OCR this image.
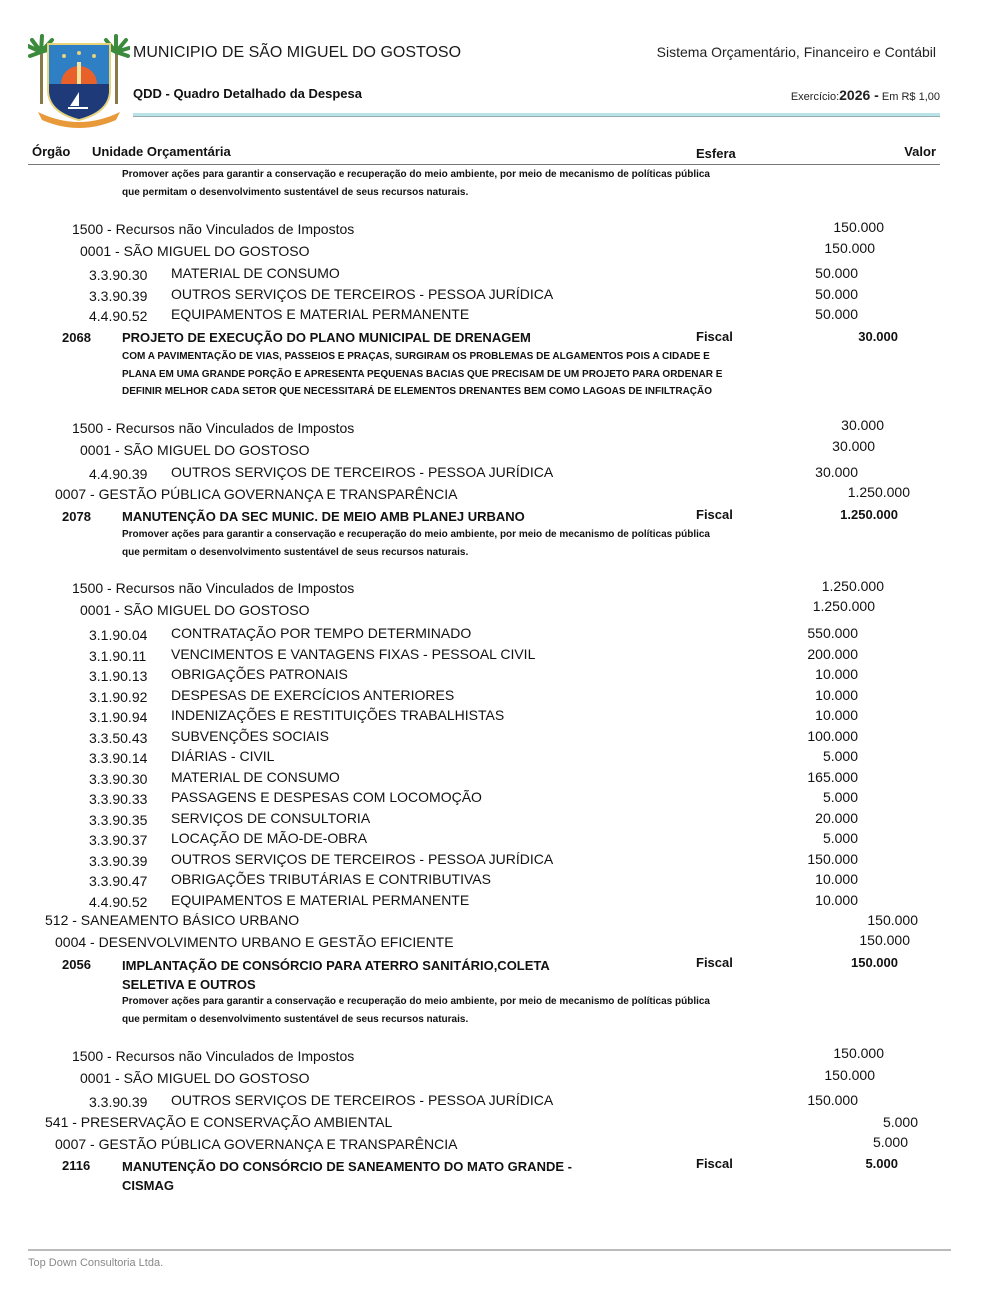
MUNICIPIO DE SÃO MIGUEL DO GOSTOSO
QDD - Quadro Detalhado da Despesa
Sistema Orçamentário, Financeiro e Contábil
Exercício:2026 - Em R$ 1,00
Órgão Unidade Orçamentária	Esfera	Valor
Promover ações para garantir a conservação e recuperação do meio ambiente, por meio de mecanismo de políticas pública que permitam o desenvolvimento sustentável de seus recursos naturais.
1500 - Recursos não Vinculados de Impostos	150.000
0001 - SÃO MIGUEL DO GOSTOSO	150.000
3.3.90.30 MATERIAL DE CONSUMO	50.000
3.3.90.39 OUTROS SERVIÇOS DE TERCEIROS - PESSOA JURÍDICA	50.000
4.4.90.52 EQUIPAMENTOS E MATERIAL PERMANENTE	50.000
2068 PROJETO DE EXECUÇÃO DO PLANO MUNICIPAL DE DRENAGEM	Fiscal	30.000
COM A PAVIMENTAÇÃO DE VIAS, PASSEIOS E PRAÇAS, SURGIRAM OS PROBLEMAS DE ALGAMENTOS POIS A CIDADE E PLANA EM UMA GRANDE PORÇÃO E APRESENTA PEQUENAS BACIAS QUE PRECISAM DE UM PROJETO PARA ORDENAR E DEFINIR MELHOR CADA SETOR QUE NECESSITARÁ DE ELEMENTOS DRENANTES BEM COMO LAGOAS DE INFILTRAÇÃO
1500 - Recursos não Vinculados de Impostos	30.000
0001 - SÃO MIGUEL DO GOSTOSO	30.000
4.4.90.39 OUTROS SERVIÇOS DE TERCEIROS - PESSOA JURÍDICA	30.000
0007 - GESTÃO PÚBLICA GOVERNANÇA E TRANSPARÊNCIA	1.250.000
2078 MANUTENÇÃO DA SEC MUNIC. DE MEIO AMB PLANEJ URBANO	Fiscal	1.250.000
Promover ações para garantir a conservação e recuperação do meio ambiente, por meio de mecanismo de políticas pública que permitam o desenvolvimento sustentável de seus recursos naturais.
1500 - Recursos não Vinculados de Impostos	1.250.000
0001 - SÃO MIGUEL DO GOSTOSO	1.250.000
3.1.90.04 CONTRATAÇÃO POR TEMPO DETERMINADO	550.000
3.1.90.11 VENCIMENTOS E VANTAGENS FIXAS - PESSOAL CIVIL	200.000
3.1.90.13 OBRIGAÇÕES PATRONAIS	10.000
3.1.90.92 DESPESAS DE EXERCÍCIOS ANTERIORES	10.000
3.1.90.94 INDENIZAÇÕES E RESTITUIÇÕES TRABALHISTAS	10.000
3.3.50.43 SUBVENÇÕES SOCIAIS	100.000
3.3.90.14 DIÁRIAS - CIVIL	5.000
3.3.90.30 MATERIAL DE CONSUMO	165.000
3.3.90.33 PASSAGENS E DESPESAS COM LOCOMOÇÃO	5.000
3.3.90.35 SERVIÇOS DE CONSULTORIA	20.000
3.3.90.37 LOCAÇÃO DE MÃO-DE-OBRA	5.000
3.3.90.39 OUTROS SERVIÇOS DE TERCEIROS - PESSOA JURÍDICA	150.000
3.3.90.47 OBRIGAÇÕES TRIBUTÁRIAS E CONTRIBUTIVAS	10.000
4.4.90.52 EQUIPAMENTOS E MATERIAL PERMANENTE	10.000
512 - SANEAMENTO BÁSICO URBANO	150.000
0004 - DESENVOLVIMENTO URBANO E GESTÃO EFICIENTE	150.000
2056 IMPLANTAÇÃO DE CONSÓRCIO PARA ATERRO SANITÁRIO,COLETA
SELETIVA E OUTROS
Fiscal	150.000
Promover ações para garantir a conservação e recuperação do meio ambiente, por meio de mecanismo de políticas pública que permitam o desenvolvimento sustentável de seus recursos naturais.
1500 - Recursos não Vinculados de Impostos	150.000
0001 - SÃO MIGUEL DO GOSTOSO	150.000
3.3.90.39 OUTROS SERVIÇOS DE TERCEIROS - PESSOA JURÍDICA	150.000
541 - PRESERVAÇÃO E CONSERVAÇÃO AMBIENTAL	5.000
0007 - GESTÃO PÚBLICA GOVERNANÇA E TRANSPARÊNCIA	5.000
2116 MANUTENÇÃO DO CONSÓRCIO DE SANEAMENTO DO MATO GRANDE -
CISMAG
Fiscal	5.000
Top Down Consultoria Ltda.
